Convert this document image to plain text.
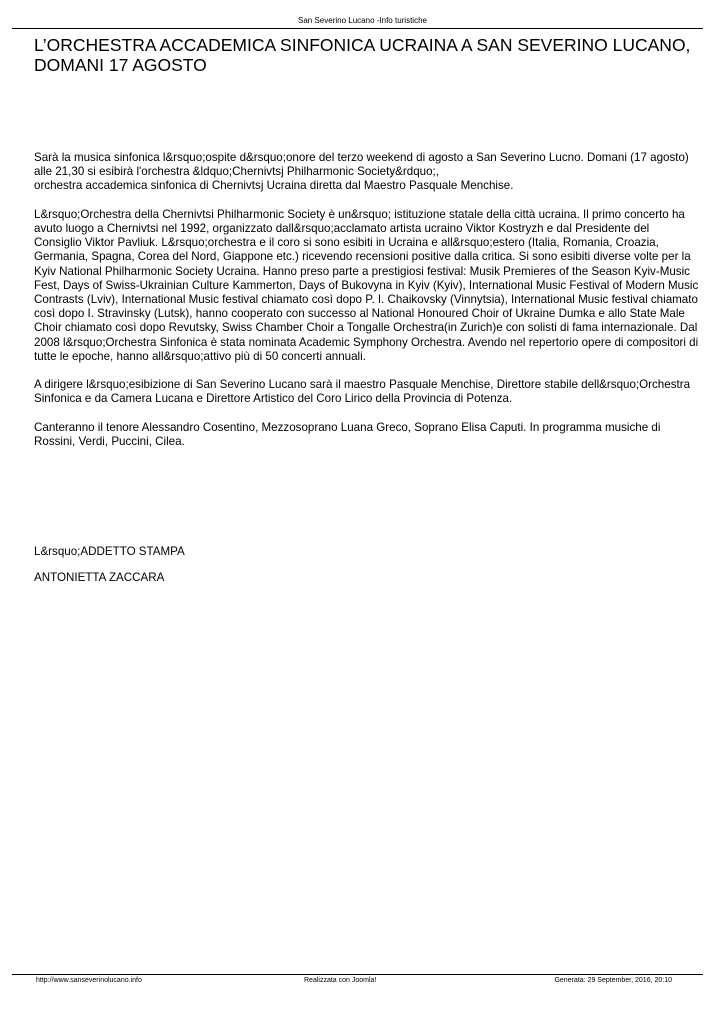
San Severino Lucano -Info turistiche
L’ORCHESTRA ACCADEMICA SINFONICA UCRAINA A SAN SEVERINO LUCANO, DOMANI 17 AGOSTO

Sarà la musica sinfonica l&rsquo;ospite d&rsquo;onore del terzo weekend di agosto a San Severino Lucno. Domani (17 agosto) alle 21,30 si esibirà l'orchestra &ldquo;Chernivtsj Philharmonic Society&rdquo;,
orchestra accademica sinfonica di Chernivtsj Ucraina diretta dal Maestro Pasquale Menchise.

L&rsquo;Orchestra della Chernivtsi Philharmonic Society è un&rsquo; istituzione statale della città ucraina. Il primo concerto ha avuto luogo a Chernivtsi nel 1992, organizzato dall&rsquo;acclamato artista ucraino Viktor Kostryzh e dal Presidente del Consiglio Viktor Pavliuk. L&rsquo;orchestra e il coro si sono esibiti in Ucraina e all&rsquo;estero (Italia, Romania, Croazia, Germania, Spagna, Corea del Nord, Giappone etc.) ricevendo recensioni positive dalla critica. Si sono esibiti diverse volte per la Kyiv National Philharmonic Society Ucraina. Hanno preso parte a prestigiosi festival: Musik Premieres of the Season Kyiv-Music Fest, Days of Swiss-Ukrainian Culture Kammerton, Days of Bukovyna in Kyiv (Kyiv), International Music Festival of Modern Music Contrasts (Lviv), International Music festival chiamato così dopo P. I. Chaikovsky (Vinnytsia), International Music festival chiamato così dopo I. Stravinsky (Lutsk), hanno cooperato con successo al National Honoured Choir of Ukraine Dumka e allo State Male Choir chiamato così dopo Revutsky, Swiss Chamber Choir a Tongalle Orchestra(in Zurich)e con solisti di fama internazionale. Dal 2008 l&rsquo;Orchestra Sinfonica è stata nominata Academic Symphony Orchestra. Avendo nel repertorio opere di compositori di tutte le epoche, hanno all&rsquo;attivo più di 50 concerti annuali.

A dirigere l&rsquo;esibizione di San Severino Lucano sarà il maestro Pasquale Menchise, Direttore stabile dell&rsquo;Orchestra Sinfonica e da Camera Lucana e Direttore Artistico del Coro Lirico della Provincia di Potenza.

Canteranno il tenore Alessandro Cosentino, Mezzosoprano Luana Greco, Soprano Elisa Caputi. In programma musiche di Rossini, Verdi, Puccini, Cilea.

L&rsquo;ADDETTO STAMPA

ANTONIETTA ZACCARA

http://www.sanseverinolucano.info	Realizzata con Joomla!	Generata: 29 September, 2016, 20:10
